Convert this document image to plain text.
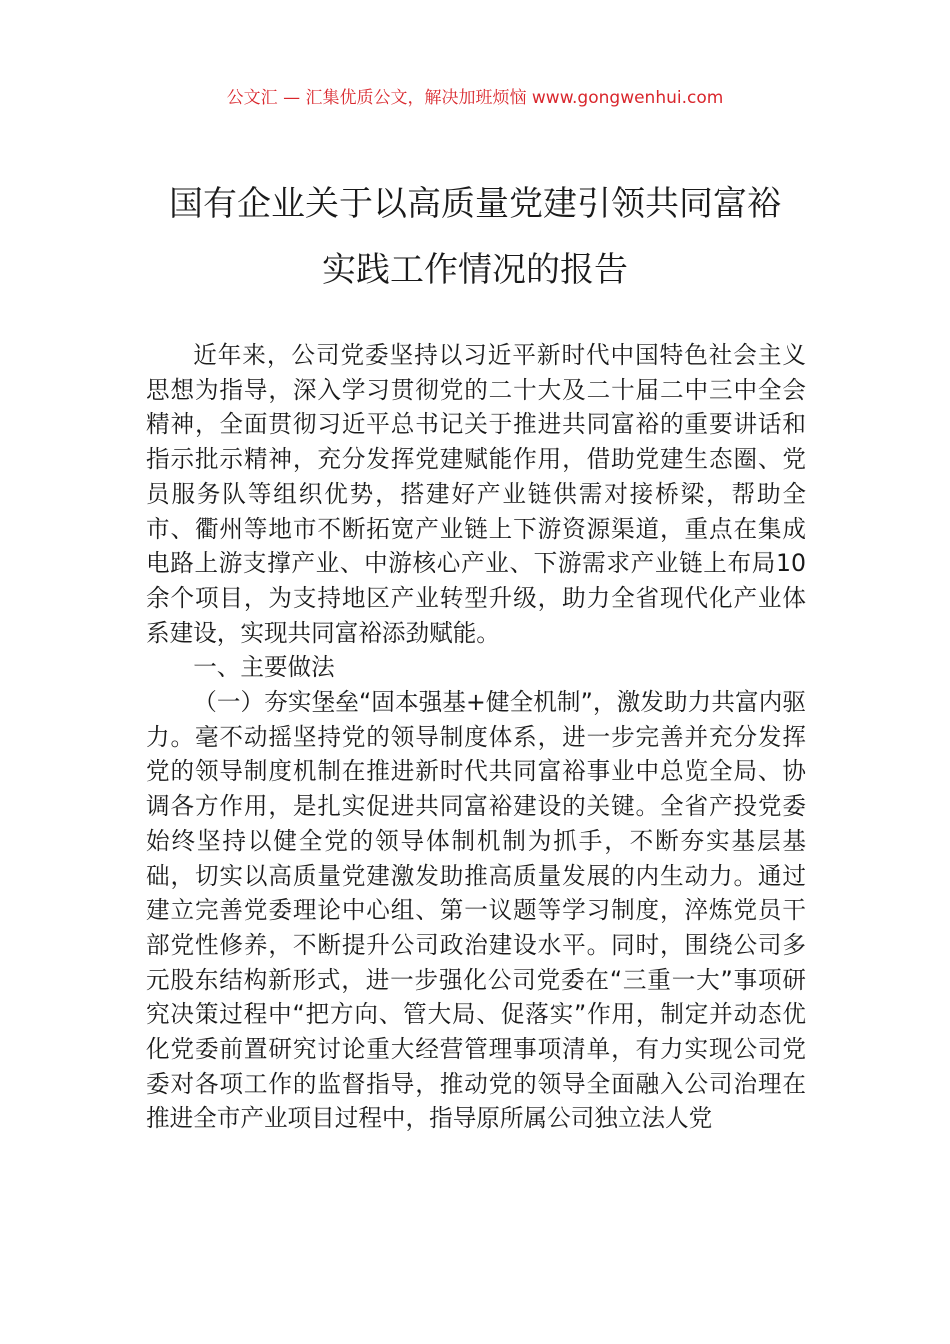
公文汇 — 汇集优质公文，解决加班烦恼 www.gongwenhui.com
国有企业关于以高质量党建引领共同富裕
实践工作情况的报告

近年来，公司党委坚持以习近平新时代中国特色社会主义思想为指导，深入学习贯彻党的二十大及二十届二中三中全会精神，全面贯彻习近平总书记关于推进共同富裕的重要讲话和指示批示精神，充分发挥党建赋能作用，借助党建生态圈、党员服务队等组织优势，搭建好产业链供需对接桥梁，帮助全市、衢州等地市不断拓宽产业链上下游资源渠道，重点在集成电路上游支撑产业、中游核心产业、下游需求产业链上布局10余个项目，为支持地区产业转型升级，助力全省现代化产业体系建设，实现共同富裕添劲赋能。

一、主要做法

（一）夯实堡垒“固本强基+健全机制”，激发助力共富内驱力。毫不动摇坚持党的领导制度体系，进一步完善并充分发挥党的领导制度机制在推进新时代共同富裕事业中总览全局、协调各方作用，是扎实促进共同富裕建设的关键。全省产投党委始终坚持以健全党的领导体制机制为抓手，不断夯实基层基础，切实以高质量党建激发助推高质量发展的内生动力。通过建立完善党委理论中心组、第一议题等学习制度，淬炼党员干部党性修养，不断提升公司政治建设水平。同时，围绕公司多元股东结构新形式，进一步强化公司党委在“三重一大”事项研究决策过程中“把方向、管大局、促落实”作用，制定并动态优化党委前置研究讨论重大经营管理事项清单，有力实现公司党委对各项工作的监督指导，推动党的领导全面融入公司治理在推进全市产业项目过程中，指导原所属公司独立法人党
